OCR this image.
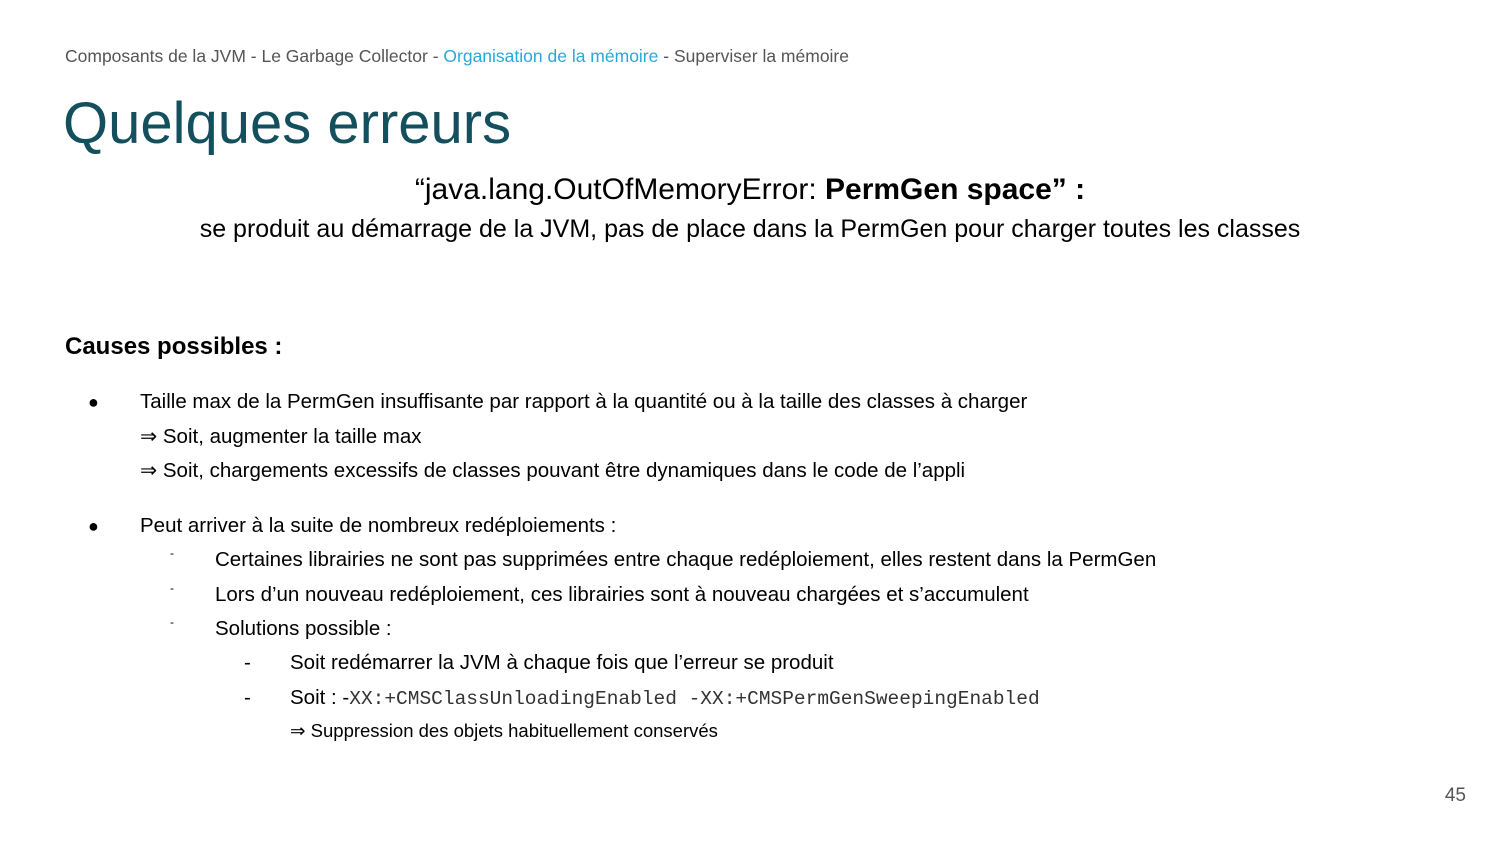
Composants de la JVM - Le Garbage Collector - Organisation de la mémoire - Superviser la mémoire
Quelques erreurs
“java.lang.OutOfMemoryError: PermGen space” :
se produit au démarrage de la JVM, pas de place dans la PermGen pour charger toutes les classes
Causes possibles :
● Taille max de la PermGen insuffisante par rapport à la quantité ou à la taille des classes à charger
⇒ Soit, augmenter la taille max
⇒ Soit, chargements excessifs de classes pouvant être dynamiques dans le code de l’appli
● Peut arriver à la suite de nombreux redéploiements :
- Certaines librairies ne sont pas supprimées entre chaque redéploiement, elles restent dans la PermGen
- Lors d’un nouveau redéploiement, ces librairies sont à nouveau chargées et s’accumulent
- Solutions possible :
- Soit redémarrer la JVM à chaque fois que l’erreur se produit
- Soit : -XX:+CMSClassUnloadingEnabled -XX:+CMSPermGenSweepingEnabled
⇒ Suppression des objets habituellement conservés
45
